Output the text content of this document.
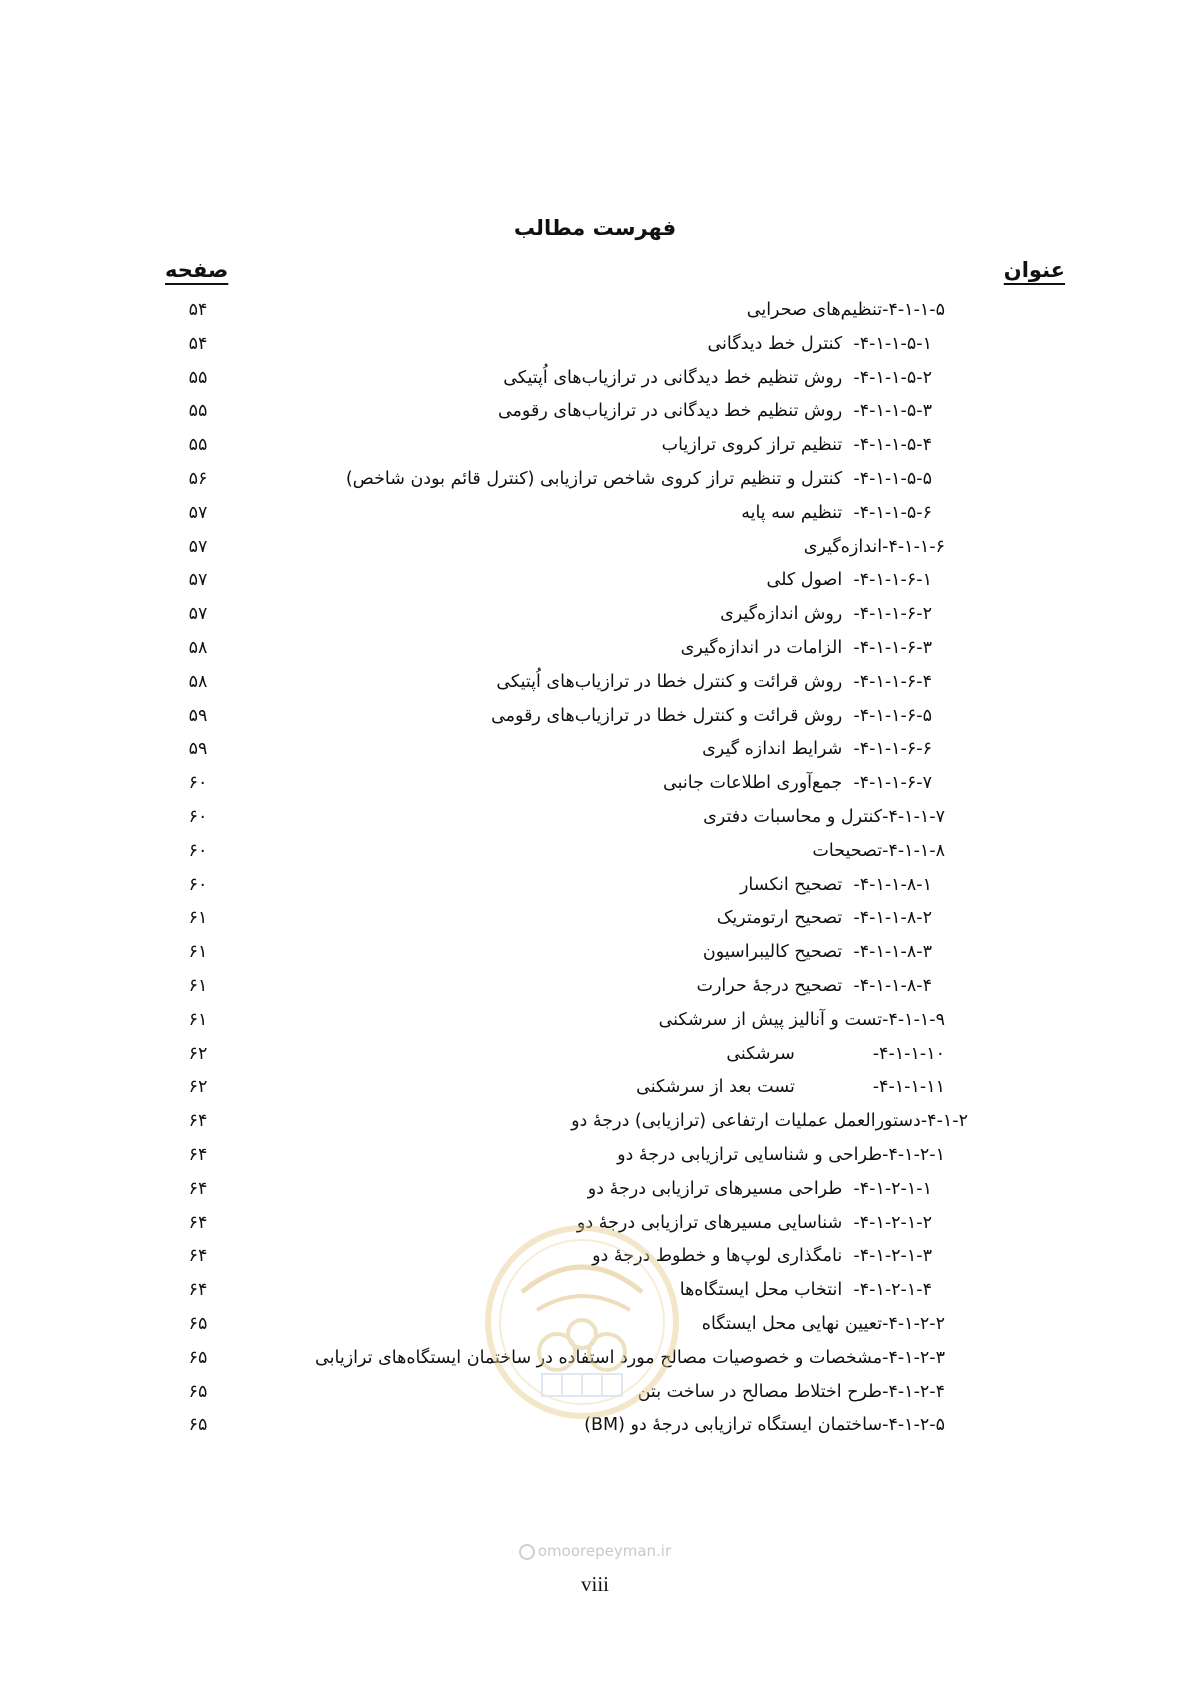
فهرست مطالب
عنوان
صفحه
۴-۱-۱-۵-تنظیم‌های صحرایی
۵۴
۴-۱-۱-۵-۱-  کنترل خط دیدگانی
۵۴
۴-۱-۱-۵-۲-  روش تنظیم خط دیدگانی در ترازیاب‌های اُپتیکی
۵۵
۴-۱-۱-۵-۳-  روش تنظیم خط دیدگانی در ترازیاب‌های رقومی
۵۵
۴-۱-۱-۵-۴-  تنظیم تراز کروی ترازیاب
۵۵
۴-۱-۱-۵-۵-  کنترل و تنظیم تراز کروی شاخص ترازیابی (کنترل قائم بودن شاخص)
۵۶
۴-۱-۱-۵-۶-  تنظیم سه پایه
۵۷
۴-۱-۱-۶-اندازه‌گیری
۵۷
۴-۱-۱-۶-۱-  اصول کلی
۵۷
۴-۱-۱-۶-۲-  روش اندازه‌گیری
۵۷
۴-۱-۱-۶-۳-  الزامات در اندازه‌گیری
۵۸
۴-۱-۱-۶-۴-  روش قرائت و کنترل خطا در ترازیاب‌های اُپتیکی
۵۸
۴-۱-۱-۶-۵-  روش قرائت و کنترل خطا در ترازیاب‌های رقومی
۵۹
۴-۱-۱-۶-۶-  شرایط اندازه گیری
۵۹
۴-۱-۱-۶-۷-  جمع‌آوری اطلاعات جانبی
۶۰
۴-۱-۱-۷-کنترل و محاسبات دفتری
۶۰
۴-۱-۱-۸-تصحیحات
۶۰
۴-۱-۱-۸-۱-  تصحیح انکسار
۶۰
۴-۱-۱-۸-۲-  تصحیح ارتومتریک
۶۱
۴-۱-۱-۸-۳-  تصحیح کالیبراسیون
۶۱
۴-۱-۱-۸-۴-  تصحیح درجهٔ حرارت
۶۱
۴-۱-۱-۹-تست و آنالیز پیش از سرشکنی
۶۱
۴-۱-۱-۱۰-              سرشکنی
۶۲
۴-۱-۱-۱۱-              تست بعد از سرشکنی
۶۲
۴-۱-۲-دستورالعمل عملیات ارتفاعی (ترازیابی) درجهٔ دو
۶۴
۴-۱-۲-۱-طراحی و شناسایی ترازیابی درجهٔ دو
۶۴
۴-۱-۲-۱-۱-  طراحی مسیرهای ترازیابی درجهٔ دو
۶۴
۴-۱-۲-۱-۲-  شناسایی مسیرهای ترازیابی درجهٔ دو
۶۴
۴-۱-۲-۱-۳-  نامگذاری لوپ‌ها و خطوط درجهٔ دو
۶۴
۴-۱-۲-۱-۴-  انتخاب محل ایستگاه‌ها
۶۴
۴-۱-۲-۲-تعیین نهایی محل ایستگاه
۶۵
۴-۱-۲-۳-مشخصات و خصوصیات مصالح مورد استفاده در ساختمان ایستگاه‌های ترازیابی
۶۵
۴-۱-۲-۴-طرح اختلاط مصالح در ساخت بتن
۶۵
۴-۱-۲-۵-ساختمان ایستگاه ترازیابی درجهٔ دو (BM)
۶۵
omoorepeyman.ir
viii
